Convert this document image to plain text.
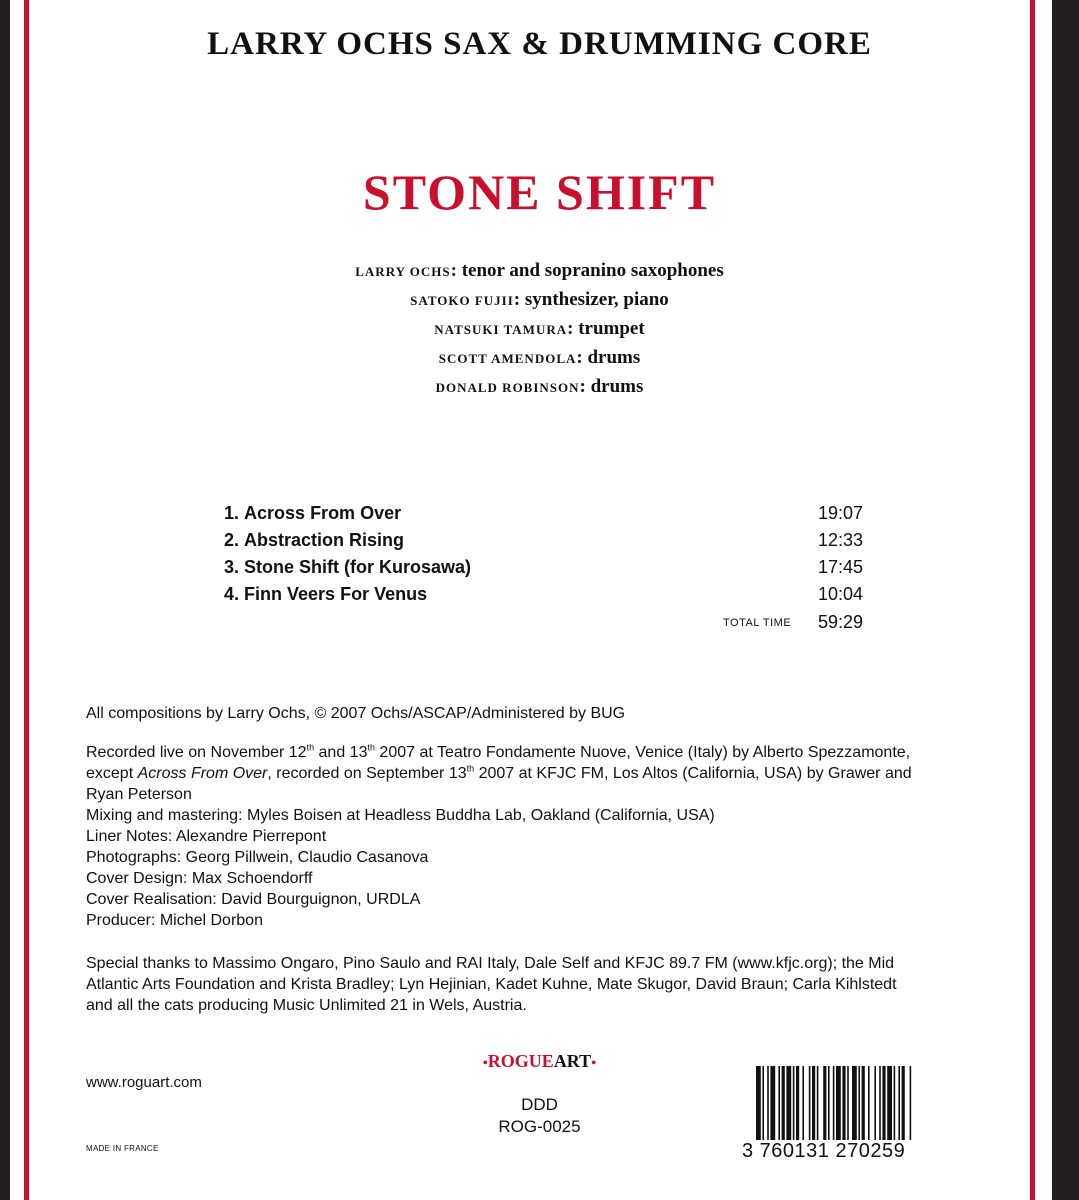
LARRY OCHS SAX & DRUMMING CORE
STONE SHIFT
LARRY OCHS: tenor and sopranino saxophones
SATOKO FUJII: synthesizer, piano
NATSUKI TAMURA: trumpet
SCOTT AMENDOLA: drums
DONALD ROBINSON: drums
1. Across From Over	19:07
2. Abstraction Rising	12:33
3. Stone Shift (for Kurosawa)	17:45
4. Finn Veers For Venus	10:04
TOTAL TIME 59:29

All compositions by Larry Ochs, © 2007 Ochs/ASCAP/Administered by BUG

Recorded live on November 12th and 13th 2007 at Teatro Fondamente Nuove, Venice (Italy) by Alberto Spezzamonte,

except Across From Over, recorded on September 13th 2007 at KFJC FM, Los Altos (California, USA) by Grawer and

Ryan Peterson

Mixing and mastering: Myles Boisen at Headless Buddha Lab, Oakland (California, USA)

Liner Notes: Alexandre Pierrepont

Photographs: Georg Pillwein, Claudio Casanova

Cover Design: Max Schoendorff

Cover Realisation: David Bourguignon, URDLA

Producer: Michel Dorbon

Special thanks to Massimo Ongaro, Pino Saulo and RAI Italy, Dale Self and KFJC 89.7 FM (www.kfjc.org); the Mid

Atlantic Arts Foundation and Krista Bradley; Lyn Hejinian, Kadet Kuhne, Mate Skugor, David Braun; Carla Kihlstedt

and all the cats producing Music Unlimited 21 in Wels, Austria.

•ROGUEART•
www.roguart.com
MADE IN FRANCE
DDD
ROG-0025
3 760131 270259
